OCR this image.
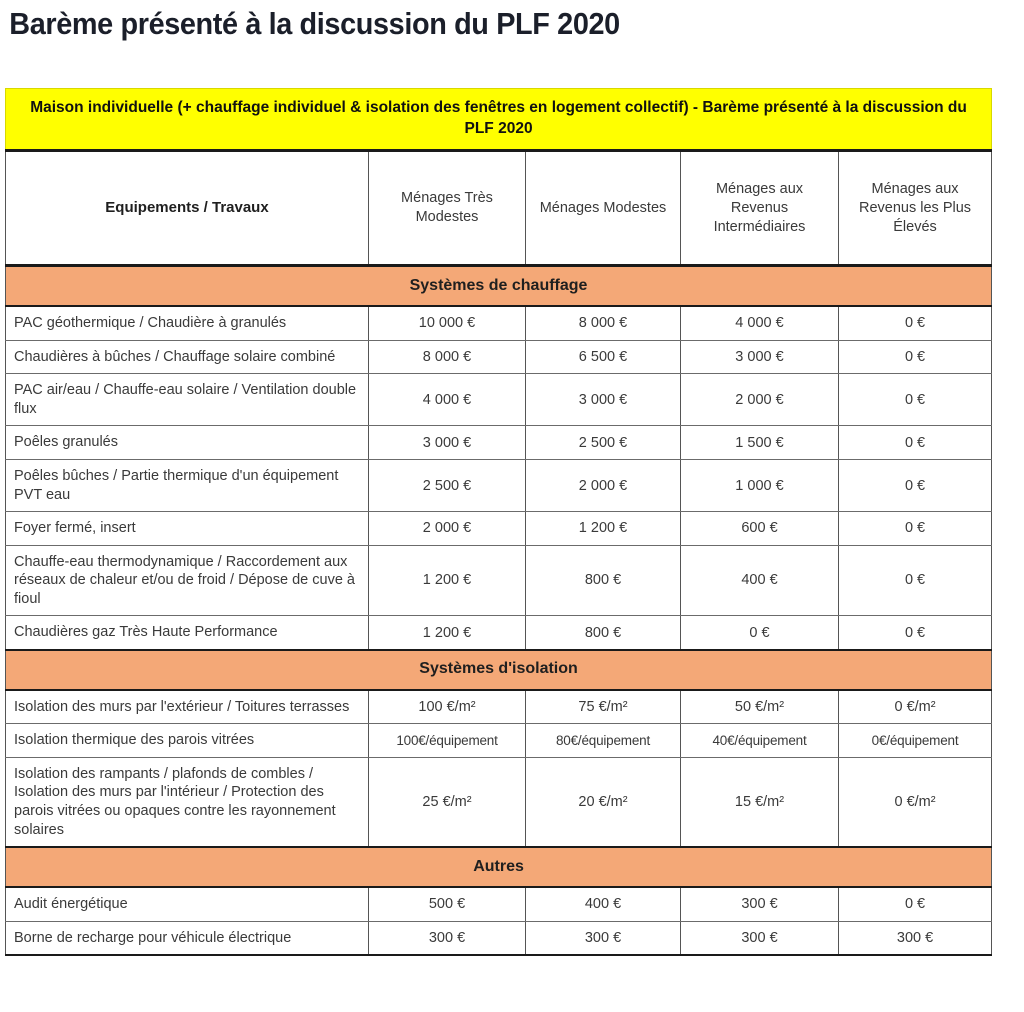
Barème présenté à la discussion du PLF 2020
Maison individuelle (+ chauffage individuel & isolation des fenêtres en logement collectif) - Barème présenté à la discussion du PLF 2020				
Equipements / Travaux	Ménages Très Modestes	Ménages Modestes	Ménages aux Revenus Intermédiaires	Ménages aux Revenus les Plus Élevés
Systèmes de chauffage				
PAC géothermique / Chaudière à granulés	10 000 €	8 000 €	4 000 €	0 €
Chaudières à bûches / Chauffage solaire combiné	8 000 €	6 500 €	3 000 €	0 €
PAC air/eau / Chauffe-eau solaire / Ventilation double flux	4 000 €	3 000 €	2 000 €	0 €
Poêles granulés	3 000 €	2 500 €	1 500 €	0 €
Poêles bûches / Partie thermique d'un équipement PVT eau	2 500 €	2 000 €	1 000 €	0 €
Foyer fermé, insert	2 000 €	1 200 €	600 €	0 €
Chauffe-eau thermodynamique / Raccordement aux réseaux de chaleur et/ou de froid / Dépose de cuve à fioul	1 200 €	800 €	400 €	0 €
Chaudières gaz Très Haute Performance	1 200 €	800 €	0 €	0 €
Systèmes d'isolation				
Isolation des murs par l'extérieur / Toitures terrasses	100 €/m²	75 €/m²	50 €/m²	0 €/m²
Isolation thermique des parois vitrées	100€/équipement	80€/équipement	40€/équipement	0€/équipement
Isolation des rampants / plafonds de combles / Isolation des murs par l'intérieur / Protection des parois vitrées ou opaques contre les rayonnement solaires	25 €/m²	20 €/m²	15 €/m²	0 €/m²
Autres				
Audit énergétique	500 €	400 €	300 €	0 €
Borne de recharge pour véhicule électrique	300 €	300 €	300 €	300 €
